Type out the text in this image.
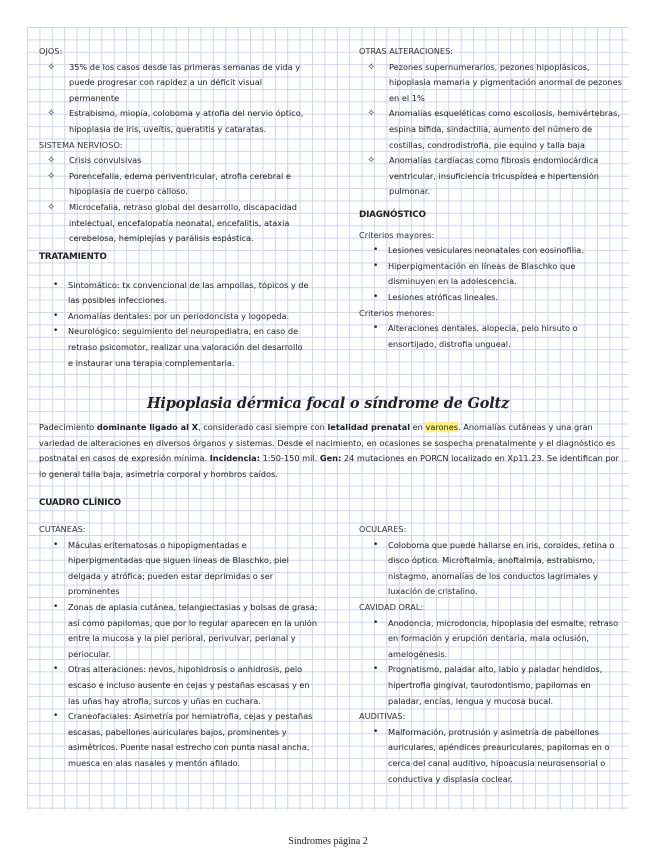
OJOS:

✧ 35% de los casos desde las primeras semanas de vida y puede progresar con rapidez a un déficit visual permanente
✧ Estrabismo, miopía, coloboma y atrofia del nervio óptico, hipoplasia de iris, uveítis, queratitis y cataratas.

SISTEMA NERVIOSO:

✧ Crisis convulsivas
✧ Porencefalia, edema periventricular, atrofia cerebral e hipoplasia de cuerpo calloso.
✧ Microcefalia, retraso global del desarrollo, discapacidad intelectual, encefalopatía neonatal, encefalitis, ataxia cerebelosa, hemiplejías y parálisis espástica.

TRATAMIENTO

• Sintomático: tx convencional de las ampollas, tópicos y de las posibles infecciones.
• Anomalías dentales: por un periodoncista y logopeda.
• Neurológico: seguimiento del neuropediatra, en caso de retraso psicomotor, realizar una valoración del desarrollo e instaurar una terapia complementaria.

OTRAS ALTERACIONES:

✧ Pezones supernumerarios, pezones hipoplásicos, hipoplasia mamaria y pigmentación anormal de pezones en el 1%
✧ Anomalías esqueléticas como escoliosis, hemivértebras, espina bífida, sindactilia, aumento del número de costillas, condrodistrofia, pie equino y talla baja
✧ Anomalías cardíacas como fibrosis endomiocárdica ventricular, insuficiencia tricuspídea e hipertensión pulmonar.

DIAGNÓSTICO

Criterios mayores:

• Lesiones vesiculares neonatales con eosinofilia.
• Hiperpigmentación en líneas de Blaschko que disminuyen en la adolescencia.
• Lesiones atróficas lineales.

Criterios menores:

• Alteraciones dentales, alopecia, pelo hirsuto o ensortijado, distrofia ungueal.
Hipoplasia dérmica focal o síndrome de Goltz
Padecimiento dominante ligado al X, considerado casi siempre con letalidad prenatal en varones. Anomalías cutáneas y una gran variedad de alteraciones en diversos órganos y sistemas. Desde el nacimiento, en ocasiones se sospecha prenatalmente y el diagnóstico es postnatal en casos de expresión mínima. Incidencia: 1:50-150 mil. Gen: 24 mutaciones en PORCN localizado en Xp11.23. Se identifican por lo general talla baja, asimetría corporal y hombros caídos.

CUADRO CLÍNICO

CUTÁNEAS:

• Máculas eritematosas o hipopigmentadas e hiperpigmentadas que siguen líneas de Blaschko, piel delgada y atrófica; pueden estar deprimidas o ser prominentes
• Zonas de aplasia cutánea, telangiectasias y bolsas de grasa; así como papilomas, que por lo regular aparecen en la unión entre la mucosa y la piel perioral, perivulvar, perianal y periocular.
• Otras alteraciones: nevos, hipohidrosis o anhidrosis, pelo escaso e incluso ausente en cejas y pestañas escasas y en las uñas hay atrofia, surcos y uñas en cuchara.
• Craneofaciales: Asimetría por hemiatrofia, cejas y pestañas escasas, pabellones auriculares bajos, prominentes y asimétricos. Puente nasal estrecho con punta nasal ancha, muesca en alas nasales y mentón afilado.

OCULARES:

• Coloboma que puede hallarse en iris, coroides, retina o disco óptico. Microftalmía, anoftalmía, estrabismo, nistagmo, anomalías de los conductos lagrimales y luxación de cristalino.

CAVIDAD ORAL:

• Anodoncia, microdoncia, hipoplasia del esmalte, retraso en formación y erupción dentaria, mala oclusión, amelogénesis.
• Prognatismo, paladar alto, labio y paladar hendidos, hipertrofia gingival, taurodontismo, papilomas en paladar, encías, lengua y mucosa bucal.

AUDITIVAS:

• Malformación, protrusión y asimetría de pabellones auriculares, apéndices preauriculares, papilomas en o cerca del canal auditivo, hipoacusia neurosensorial o conductiva y displasia coclear.
Síndromes página 2
